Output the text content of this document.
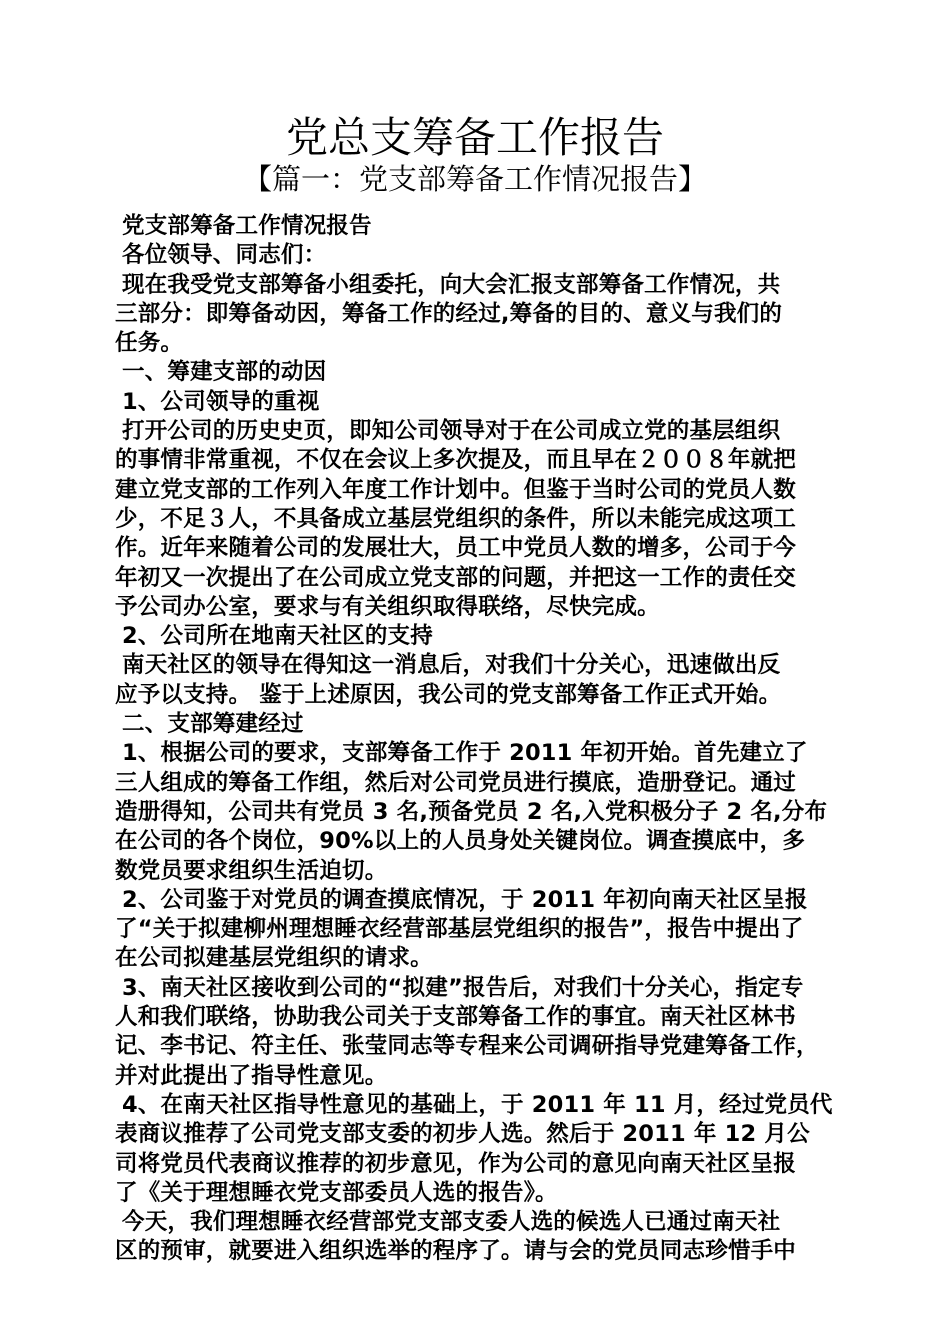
党总支筹备工作报告
【篇一：党支部筹备工作情况报告】
党支部筹备工作情况报告
各位领导、同志们：
现在我受党支部筹备小组委托，向大会汇报支部筹备工作情况，共
三部分：即筹备动因，筹备工作的经过,筹备的目的、意义与我们的
任务。
一、筹建支部的动因
1、公司领导的重视
打开公司的历史史页，即知公司领导对于在公司成立党的基层组织
的事情非常重视，不仅在会议上多次提及，而且早在２００８年就把
建立党支部的工作列入年度工作计划中。但鉴于当时公司的党员人数
少，不足３人，不具备成立基层党组织的条件，所以未能完成这项工
作。近年来随着公司的发展壮大，员工中党员人数的增多，公司于今
年初又一次提出了在公司成立党支部的问题，并把这一工作的责任交
予公司办公室，要求与有关组织取得联络，尽快完成。
2、公司所在地南天社区的支持
南天社区的领导在得知这一消息后，对我们十分关心，迅速做出反
应予以支持。 鉴于上述原因，我公司的党支部筹备工作正式开始。
二、支部筹建经过
1、根据公司的要求，支部筹备工作于 2011 年初开始。首先建立了
三人组成的筹备工作组，然后对公司党员进行摸底，造册登记。通过
造册得知，公司共有党员 3 名,预备党员 2 名,入党积极分子 2 名,分布
在公司的各个岗位，90%以上的人员身处关键岗位。调查摸底中，多
数党员要求组织生活迫切。
2、公司鉴于对党员的调查摸底情况，于 2011 年初向南天社区呈报
了“关于拟建柳州理想睡衣经营部基层党组织的报告”，报告中提出了
在公司拟建基层党组织的请求。
3、南天社区接收到公司的“拟建”报告后，对我们十分关心，指定专
人和我们联络，协助我公司关于支部筹备工作的事宜。南天社区林书
记、李书记、符主任、张莹同志等专程来公司调研指导党建筹备工作，
并对此提出了指导性意见。
4、在南天社区指导性意见的基础上，于 2011 年 11 月，经过党员代
表商议推荐了公司党支部支委的初步人选。然后于 2011 年 12 月公
司将党员代表商议推荐的初步意见，作为公司的意见向南天社区呈报
了《关于理想睡衣党支部委员人选的报告》。
今天，我们理想睡衣经营部党支部支委人选的候选人已通过南天社
区的预审，就要进入组织选举的程序了。请与会的党员同志珍惜手中
